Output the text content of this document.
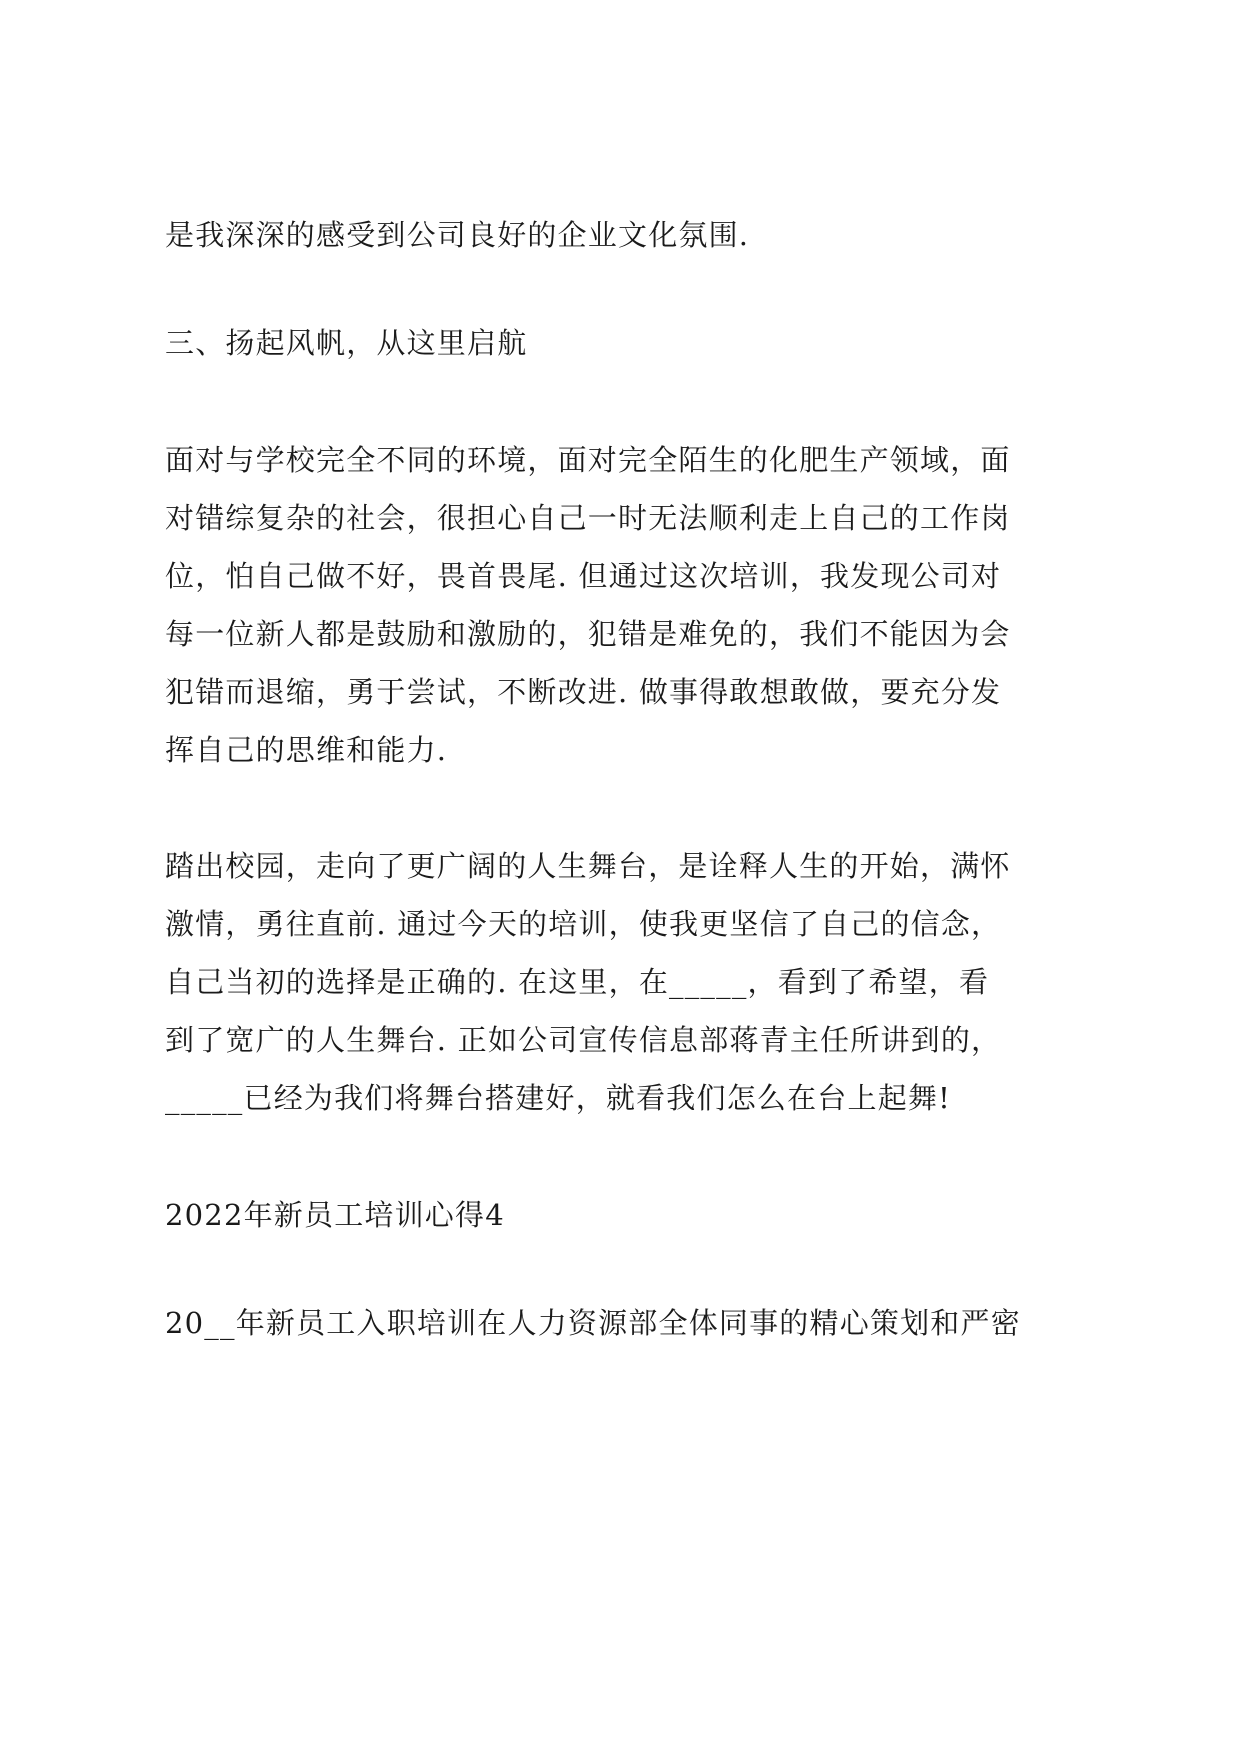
是我深深的感受到公司良好的企业文化氛围.
三、扬起风帆，从这里启航
面对与学校完全不同的环境，面对完全陌生的化肥生产领域，面
对错综复杂的社会，很担心自己一时无法顺利走上自己的工作岗
位，怕自己做不好，畏首畏尾. 但通过这次培训，我发现公司对
每一位新人都是鼓励和激励的，犯错是难免的，我们不能因为会
犯错而退缩，勇于尝试，不断改进. 做事得敢想敢做，要充分发
挥自己的思维和能力.
踏出校园，走向了更广阔的人生舞台，是诠释人生的开始，满怀
激情，勇往直前. 通过今天的培训，使我更坚信了自己的信念，
自己当初的选择是正确的. 在这里，在_____，看到了希望，看
到了宽广的人生舞台. 正如公司宣传信息部蒋青主任所讲到的，
_____已经为我们将舞台搭建好，就看我们怎么在台上起舞!
2022年新员工培训心得4
20__年新员工入职培训在人力资源部全体同事的精心策划和严密
